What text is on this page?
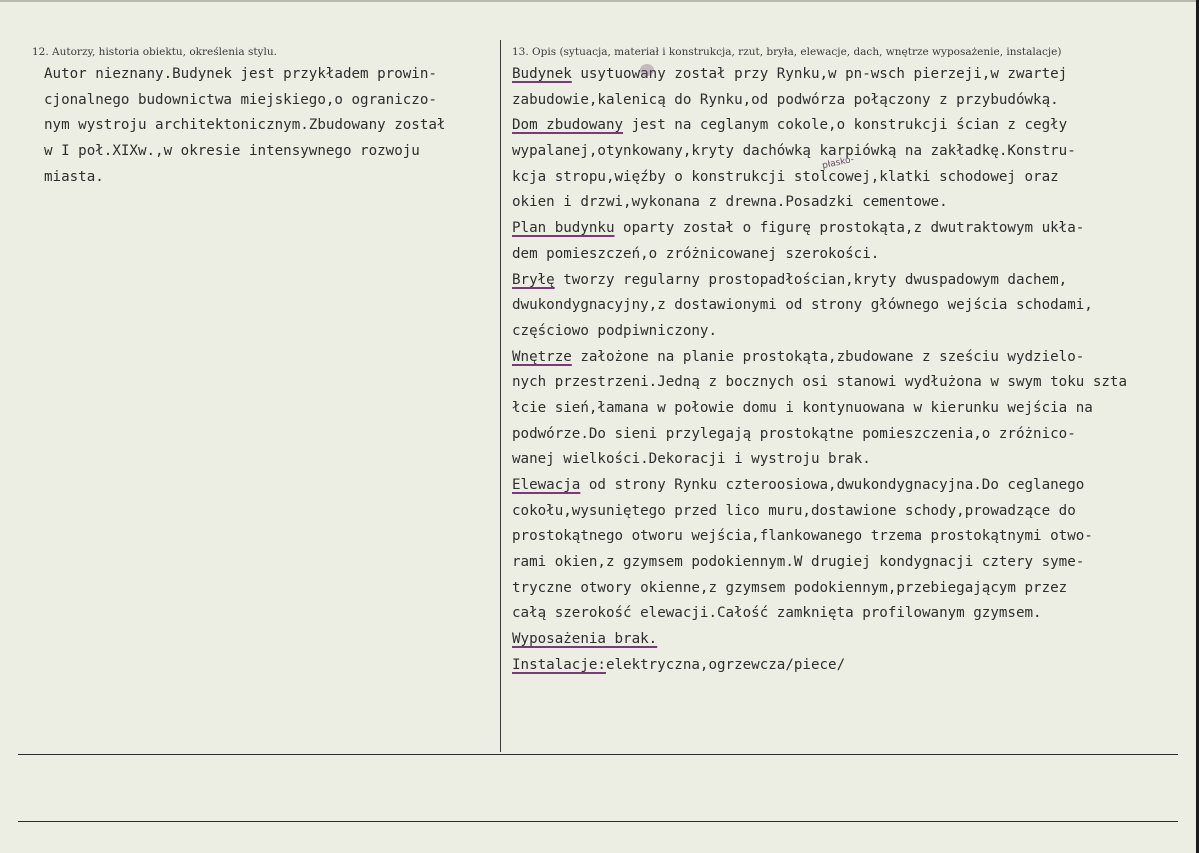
12. Autorzy, historia obiektu, określenia stylu.	13. Opis (sytuacja, materiał i konstrukcja, rzut, bryła, elewacje, dach, wnętrze wyposażenie, instalacje)
Autor nieznany.Budynek jest przykładem prowin-
cjonalnego budownictwa miejskiego,o ograniczo-
nym wystroju architektonicznym.Zbudowany został
w I poł.XIXw.,w okresie intensywnego rozwoju
miasta.
Budynek usytuowany został przy Rynku,w pn-wsch pierzeji,w zwartej
zabudowie,kalenicą do Rynku,od podwórza połączony z przybudówką.
Dom zbudowany jest na ceglanym cokole,o konstrukcji ścian z cegły
wypalanej,otynkowany,kryty dachówką karpiówką na zakładkę.Konstru-
kcja stropu,więźby o konstrukcji stolcowej,klatki schodowej oraz
okien i drzwi,wykonana z drewna.Posadzki cementowe.
Plan budynku oparty został o figurę prostokąta,z dwutraktowym ukła-
dem pomieszczeń,o zróżnicowanej szerokości.
Bryłę tworzy regularny prostopadłościan,kryty dwuspadowym dachem,
dwukondygnacyjny,z dostawionymi od strony głównego wejścia schodami,
częściowo podpiwniczony.
Wnętrze założone na planie prostokąta,zbudowane z sześciu wydzielo-
nych przestrzeni.Jedną z bocznych osi stanowi wydłużona w swym toku szta
łcie sień,łamana w połowie domu i kontynuowana w kierunku wejścia na
podwórze.Do sieni przylegają prostokątne pomieszczenia,o zróżnico-
wanej wielkości.Dekoracji i wystroju brak.
Elewacja od strony Rynku czteroosiowa,dwukondygnacyjna.Do ceglanego
cokołu,wysuniętego przed lico muru,dostawione schody,prowadzące do
prostokątnego otworu wejścia,flankowanego trzema prostokątnymi otwo-
rami okien,z gzymsem podokiennym.W drugiej kondygnacji cztery syme-
tryczne otwory okienne,z gzymsem podokiennym,przebiegającym przez
całą szerokość elewacji.Całość zamknięta profilowanym gzymsem.
Wyposażenia brak.
Instalacje:elektryczna,ogrzewcza/piece/
płasko-
